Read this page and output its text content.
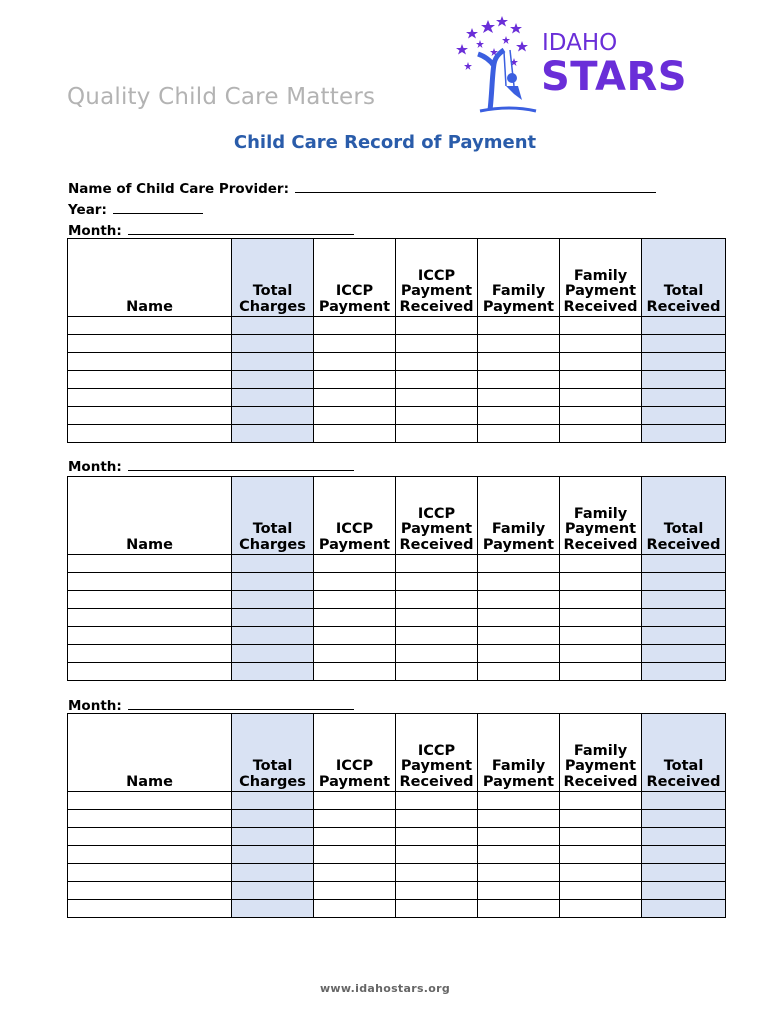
Quality Child Care Matters
IDAHO
STARS
Child Care Record of Payment
Name of Child Care Provider:
Year:
Month:
Name	Total Charges	ICCP Payment	ICCP Payment Received	Family Payment	Family Payment Received	Total Received

Month:
Name	Total Charges	ICCP Payment	ICCP Payment Received	Family Payment	Family Payment Received	Total Received

Month:
Name	Total Charges	ICCP Payment	ICCP Payment Received	Family Payment	Family Payment Received	Total Received

www.idahostars.org
